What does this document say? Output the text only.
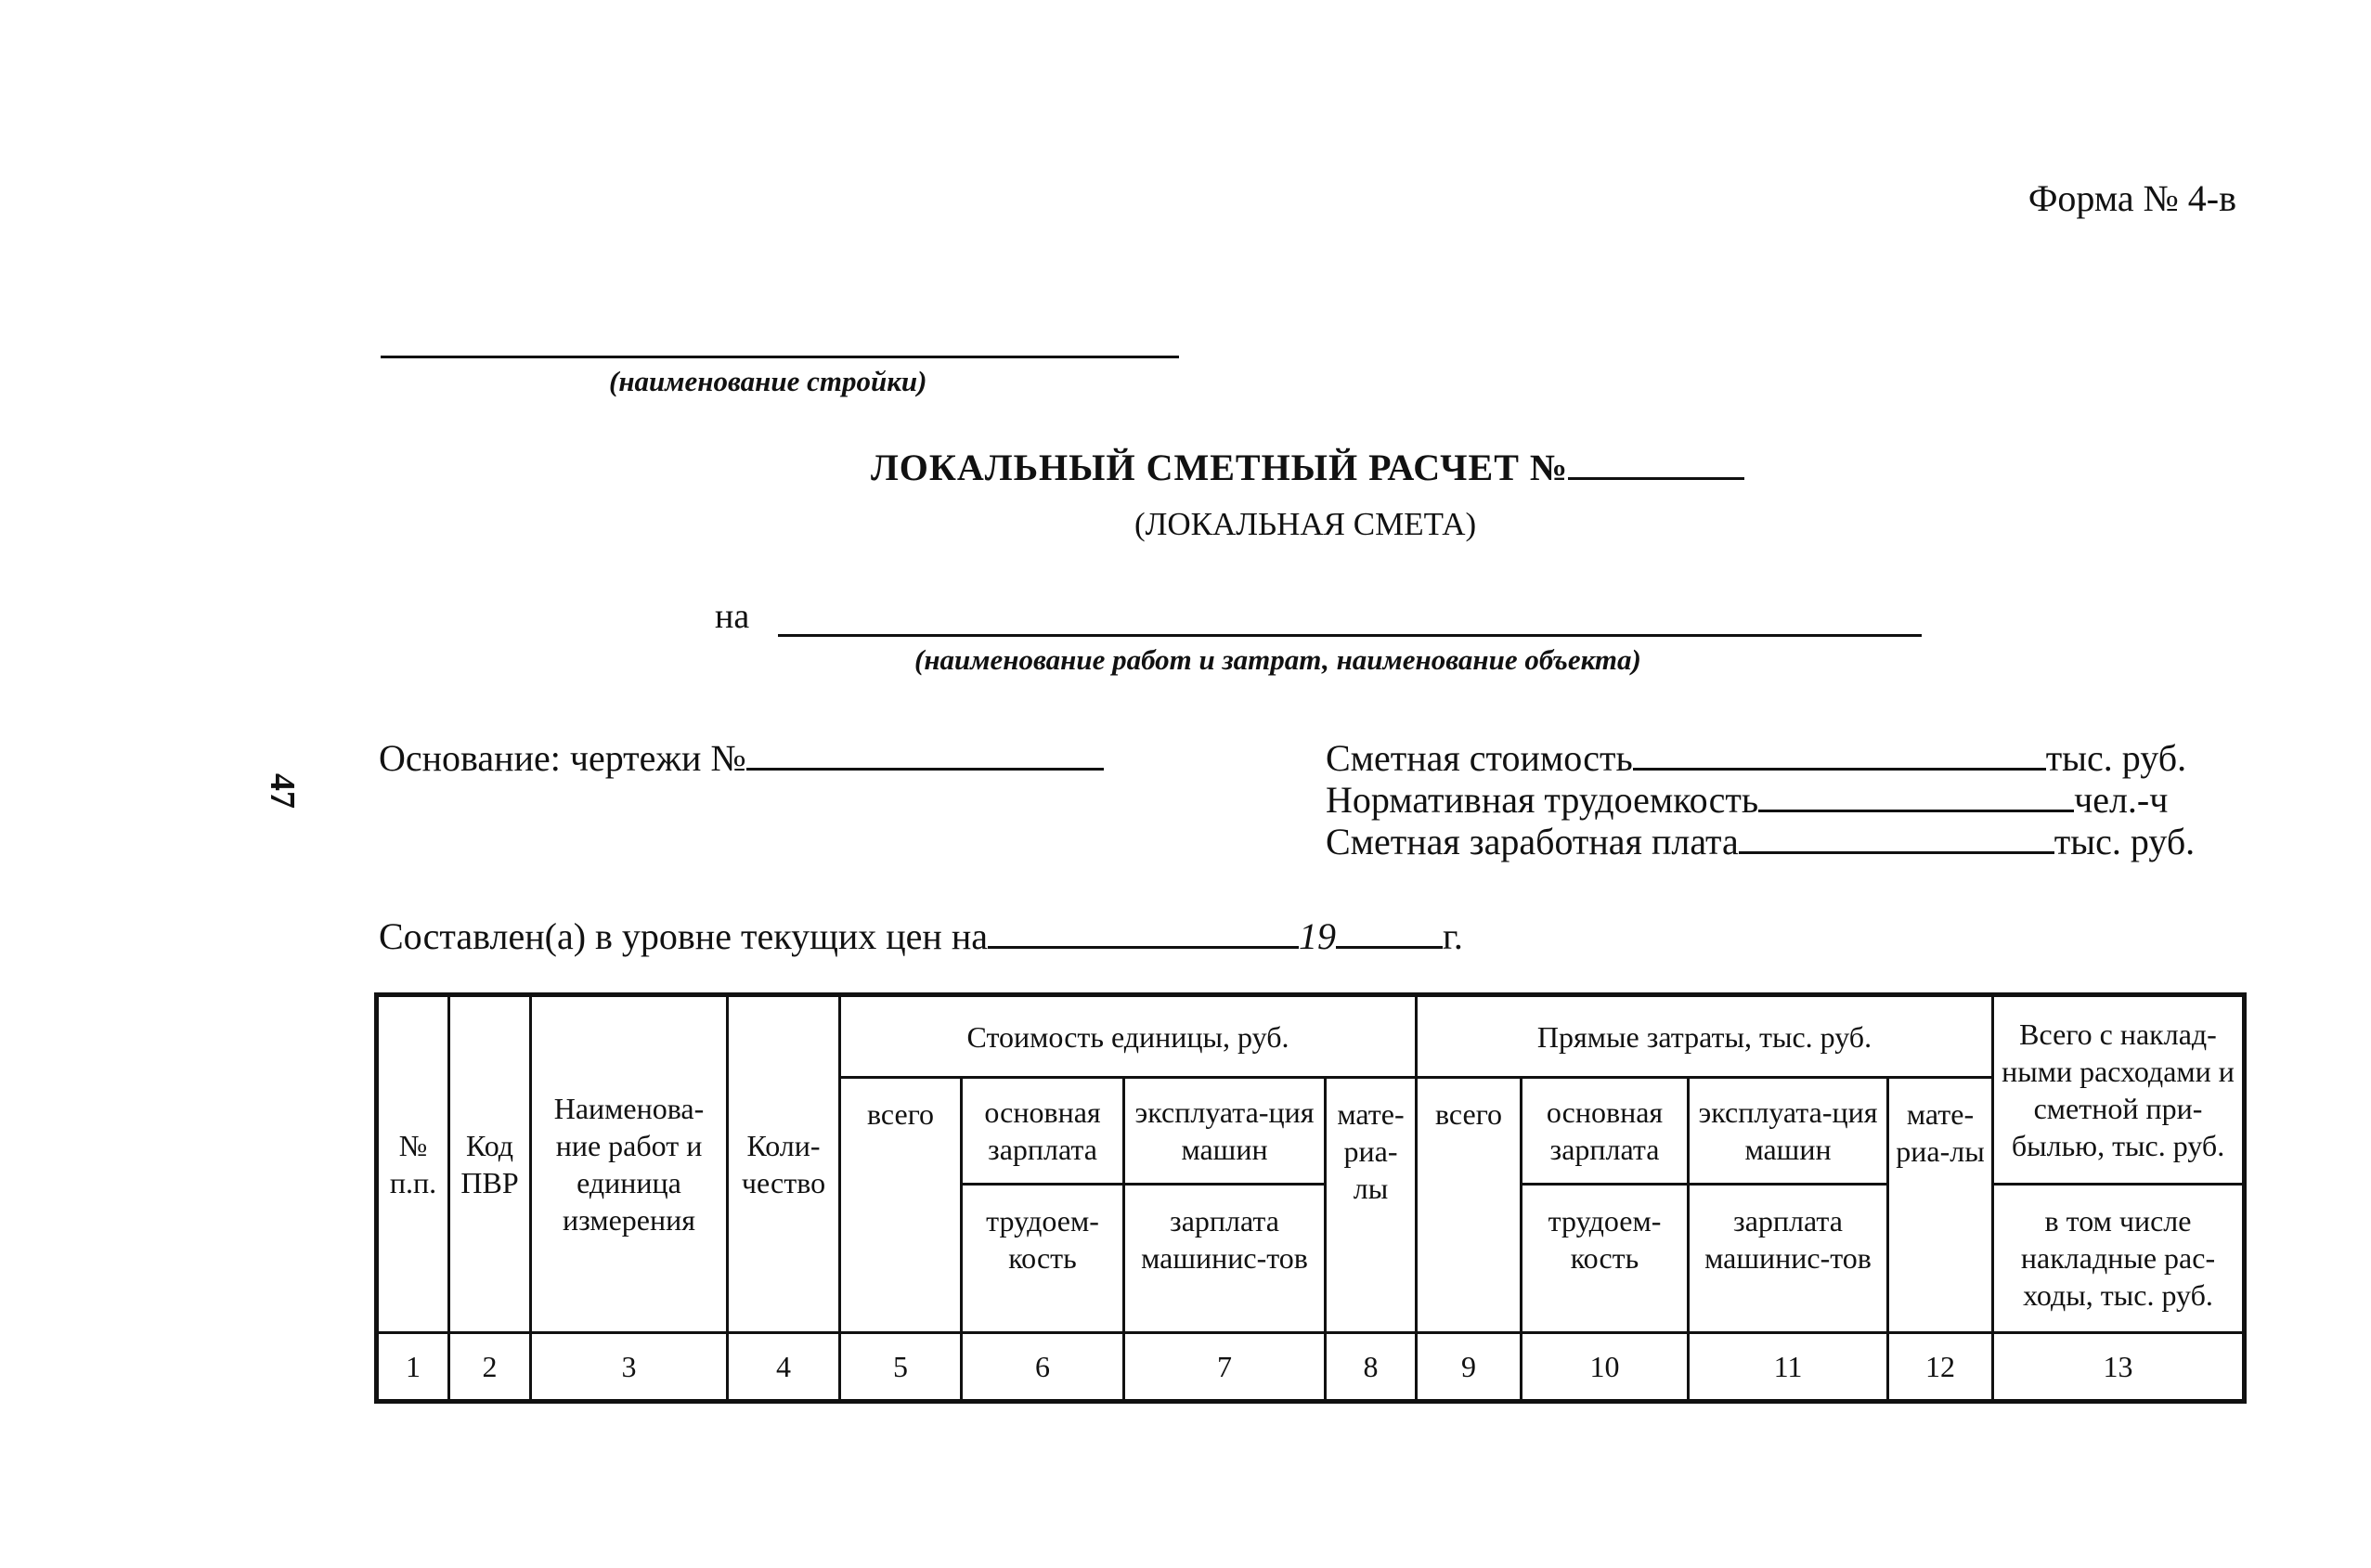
Форма № 4-в
(наименование стройки)
ЛОКАЛЬНЫЙ СМЕТНЫЙ РАСЧЕТ №
(ЛОКАЛЬНАЯ СМЕТА)
на
(наименование работ и затрат, наименование объекта)
47
Основание: чертежи №	Сметная стоимость	тыс. руб.
Нормативная трудоемкость	чел.-ч
Сметная заработная плата	тыс. руб.
Составлен(а) в уровне текущих цен на	19	г.
№ п.п.	Код ПВР	Наименова-ние работ и единица измерения	Коли-чество	Стоимость единицы, руб.				Прямые затраты, тыс. руб.				Всего с наклад-ными расходами и сметной при-былью, тыс. руб.
				всего	основная зарплата	эксплуата-ция машин	мате-риа-лы	всего	основная зарплата	эксплуата-ция машин	мате-риа-лы	
					трудоем-кость	зарплата машинис-тов			трудоем-кость	зарплата машинис-тов		в том числе накладные рас-ходы, тыс. руб.
1	2	3	4	5	6	7	8	9	10	11	12	13
